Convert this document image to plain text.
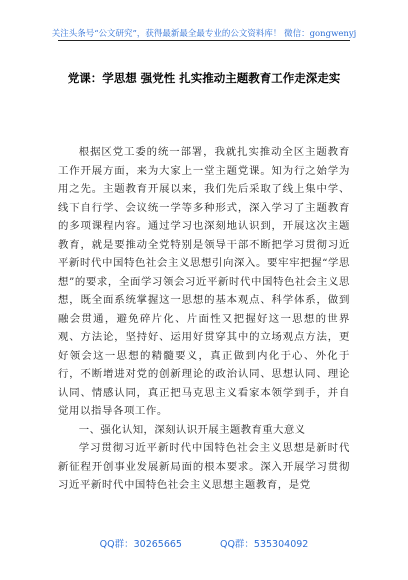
关注头条号“公文研究”，获得最新最全最专业的公文资料库！ 微信：gongwenyj
党课：学思想 强党性 扎实推动主题教育工作走深走实

根据区党工委的统一部署，我就扎实推动全区主题教育工作开展方面，来为大家上一堂主题党课。知为行之始学为用之先。主题教育开展以来，我们先后采取了线上集中学、线下自行学、会议统一学等多种形式，深入学习了主题教育的多项课程内容。通过学习也深刻地认识到，开展这次主题教育，就是要推动全党特别是领导干部不断把学习贯彻习近平新时代中国特色社会主义思想引向深入。要牢牢把握“学思想”的要求，全面学习领会习近平新时代中国特色社会主义思想，既全面系统掌握这一思想的基本观点、科学体系，做到融会贯通，避免碎片化、片面性又把握好这一思想的世界观、方法论，坚持好、运用好贯穿其中的立场观点方法，更好领会这一思想的精髓要义，真正做到内化于心、外化于行，不断增进对党的创新理论的政治认同、思想认同、理论认同、情感认同，真正把马克思主义看家本领学到手，并自觉用以指导各项工作。

一、强化认知，深刻认识开展主题教育重大意义

学习贯彻习近平新时代中国特色社会主义思想是新时代新征程开创事业发展新局面的根本要求。深入开展学习贯彻习近平新时代中国特色社会主义思想主题教育，是党

QQ群：30265665	QQ群：535304092
